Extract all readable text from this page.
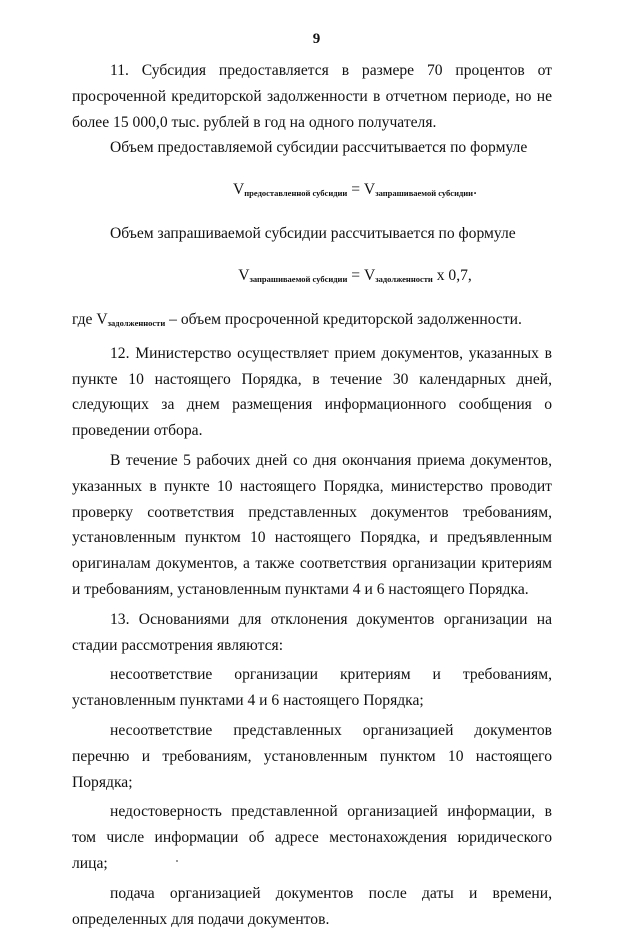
9

11. Субсидия предоставляется в размере 70 процентов от просроченной кредиторской задолженности в отчетном периоде, но не более 15 000,0 тыс. рублей в год на одного получателя.

Объем предоставляемой субсидии рассчитывается по формуле

$V_{предоставленной субсидии} = V_{запрашиваемой субсидии}$.

Объем запрашиваемой субсидии рассчитывается по формуле

$V_{запрашиваемой субсидии} = V_{задолженности}$ х 0,7,

где $V_{задолженности}$ – объем просроченной кредиторской задолженности.

12. Министерство осуществляет прием документов, указанных в пункте 10 настоящего Порядка, в течение 30 календарных дней, следующих за днем размещения информационного сообщения о проведении отбора.

В течение 5 рабочих дней со дня окончания приема документов, указанных в пункте 10 настоящего Порядка, министерство проводит проверку соответствия представленных документов требованиям, установленным пунктом 10 настоящего Порядка, и предъявленным оригиналам документов, а также соответствия организации критериям и требованиям, установленным пунктами 4 и 6 настоящего Порядка.

13. Основаниями для отклонения документов организации на стадии рассмотрения являются:

несоответствие организации критериям и требованиям, установленным пунктами 4 и 6 настоящего Порядка;

несоответствие представленных организацией документов перечню и требованиям, установленным пунктом 10 настоящего Порядка;

недостоверность представленной организацией информации, в том числе информации об адресе местонахождения юридического лица;

подача организацией документов после даты и времени, определенных для подачи документов.
